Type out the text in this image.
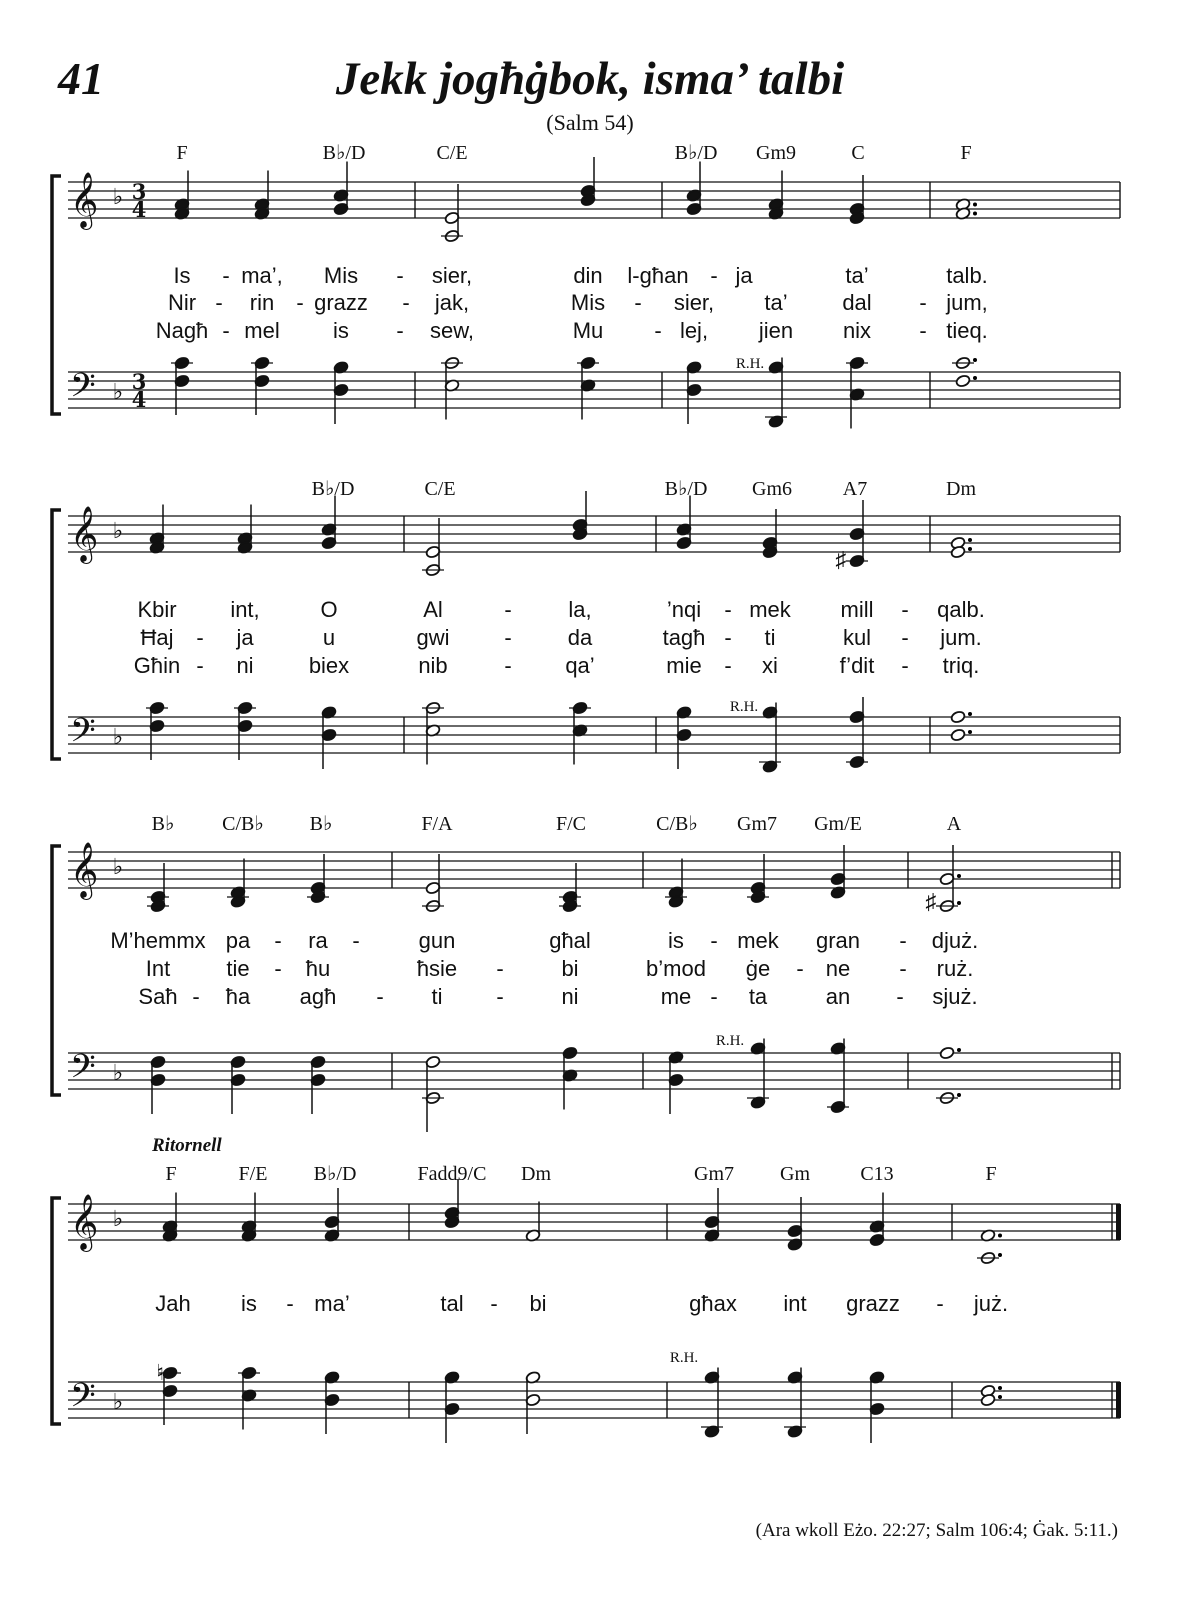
41	Jekk jogħġbok, isma’ talbi
(Salm 54)
𝄞
𝄢
♭
♭
3
4
3
4
F	B♭/D	C/E	B♭/D Gm9	C	F
Is - ma’, Mis - sier,	din l-għan - ja	ta’	talb.
Nir - rin - grazz - jak,	Mis - sier, ta’ dal - jum,
Nagħ - mel is - sew,	Mu - lej, jien nix - tieq.
R.H.
𝄞
𝄢
♭
♭
B♭/D	C/E	B♭/D Gm6	A7	Dm
♯
Kbir int,	O	Al	-	la,	’nqi - mek mill - qalb.
Ħaj - ja	u	gwi -	da	tagħ - ti	kul - jum.
Għin - ni	biex	nib	- qa’	mie - xi	f’dit - triq.
R.H.
𝄞
𝄢
♭
♭
B♭ C/B♭ B♭	F/A	F/C	C/B♭ Gm7 Gm/E	A
♯
M’hemmx pa - ra -	gun	għal	is - mek gran - djuż.
Int	tie - ħu	ħsie -	bi	b’mod ġe - ne - ruż.
Saħ - ħa agħ - ti -	ni	me - ta	an - sjuż.
R.H.
𝄞
𝄢
♭
♭
Ritornell
F	F/E B♭/D	Fadd9/C Dm	Gm7 Gm	C13	F
Jah is - ma’	tal - bi	għax int grazz - już.
♮
R.H.
(Ara wkoll Eżo. 22:27; Salm 106:4; Ġak. 5:11.)
